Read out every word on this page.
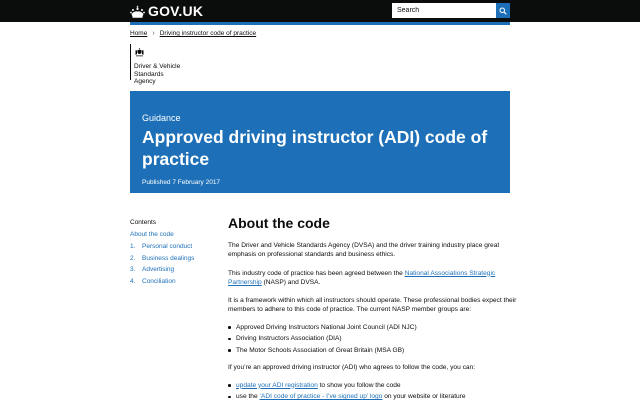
GOV.UK
Search
Home › Driving instructor code of practice
Driver & Vehicle
Standards
Agency
Guidance
Approved driving instructor (ADI) code of practice
Published 7 February 2017
Contents
About the code
1.	Personal conduct
2.	Business dealings
3.	Advertising
4.	Conciliation
About the code

The Driver and Vehicle Standards Agency (DVSA) and the driver training industry place great emphasis on professional standards and business ethics.

This industry code of practice has been agreed between the National Associations Strategic Partnership (NASP) and DVSA.

It is a framework within which all instructors should operate. These professional bodies expect their members to adhere to this code of practice. The current NASP member groups are:

Approved Driving Instructors National Joint Council (ADI NJC)
Driving Instructors Association (DIA)
The Motor Schools Association of Great Britain (MSA GB)

If you’re an approved driving instructor (ADI) who agrees to follow the code, you can:

update your ADI registration to show you follow the code
use the ‘ADI code of practice - I’ve signed up’ logo on your website or literature
